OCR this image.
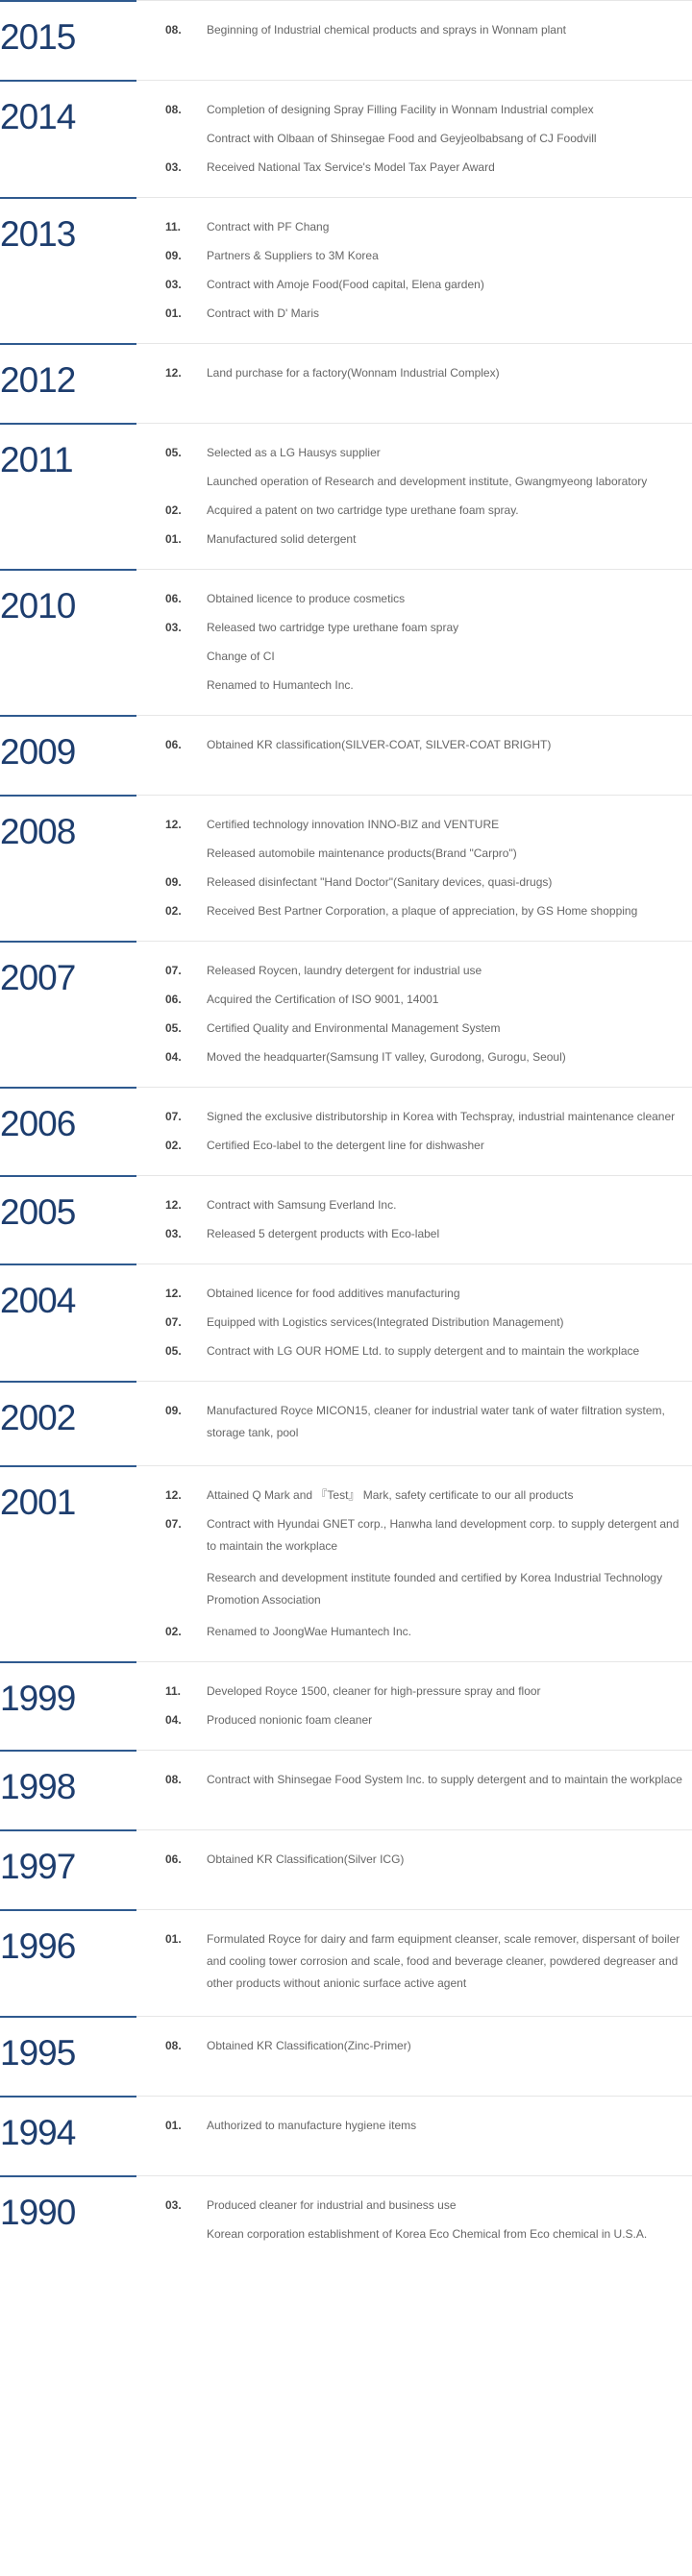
2015	08.	Beginning of Industrial chemical products and sprays in Wonnam plant
2014	08.	Completion of designing Spray Filling Facility in Wonnam Industrial complex
Contract with Olbaan of Shinsegae Food and Geyjeolbabsang of CJ Foodvill
03.	Received National Tax Service's Model Tax Payer Award
2013	11.	Contract with PF Chang
09.	Partners & Suppliers to 3M Korea
03.	Contract with Amoje Food(Food capital, Elena garden)
01.	Contract with D' Maris
2012	12.	Land purchase for a factory(Wonnam Industrial Complex)
2011	05.	Selected as a LG Hausys supplier
Launched operation of Research and development institute, Gwangmyeong laboratory
02.	Acquired a patent on two cartridge type urethane foam spray.
01.	Manufactured solid detergent
2010	06.	Obtained licence to produce cosmetics
03.	Released two cartridge type urethane foam spray
Change of CI
Renamed to Humantech Inc.
2009	06.	Obtained KR classification(SILVER-COAT, SILVER-COAT BRIGHT)
2008	12.	Certified technology innovation INNO-BIZ and VENTURE
Released automobile maintenance products(Brand "Carpro")
09.	Released disinfectant "Hand Doctor"(Sanitary devices, quasi-drugs)
02.	Received Best Partner Corporation, a plaque of appreciation, by GS Home shopping
2007	07.	Released Roycen, laundry detergent for industrial use
06.	Acquired the Certification of ISO 9001, 14001
05.	Certified Quality and Environmental Management System
04.	Moved the headquarter(Samsung IT valley, Gurodong, Gurogu, Seoul)
2006	07.	Signed the exclusive distributorship in Korea with Techspray, industrial maintenance cleaner
02.	Certified Eco-label to the detergent line for dishwasher
2005	12.	Contract with Samsung Everland Inc.
03.	Released 5 detergent products with Eco-label
2004	12.	Obtained licence for food additives manufacturing
07.	Equipped with Logistics services(Integrated Distribution Management)
05.	Contract with LG OUR HOME Ltd. to supply detergent and to maintain the workplace
2002	09.	Manufactured Royce MICON15, cleaner for industrial water tank of water filtration system, storage tank, pool
2001	12.	Attained Q Mark and 『Test』 Mark, safety certificate to our all products
07.	Contract with Hyundai GNET corp., Hanwha land development corp. to supply detergent and to maintain the workplace
Research and development institute founded and certified by Korea Industrial Technology Promotion Association
02.	Renamed to JoongWae Humantech Inc.
1999	11.	Developed Royce 1500, cleaner for high-pressure spray and floor
04.	Produced nonionic foam cleaner
1998	08.	Contract with Shinsegae Food System Inc. to supply detergent and to maintain the workplace
1997	06.	Obtained KR Classification(Silver ICG)
1996	01.	Formulated Royce for dairy and farm equipment cleanser, scale remover, dispersant of boiler and cooling tower corrosion and scale, food and beverage cleaner, powdered degreaser and other products without anionic surface active agent
1995	08.	Obtained KR Classification(Zinc-Primer)
1994	01.	Authorized to manufacture hygiene items
1990	03.	Produced cleaner for industrial and business use
Korean corporation establishment of Korea Eco Chemical from Eco chemical in U.S.A.
